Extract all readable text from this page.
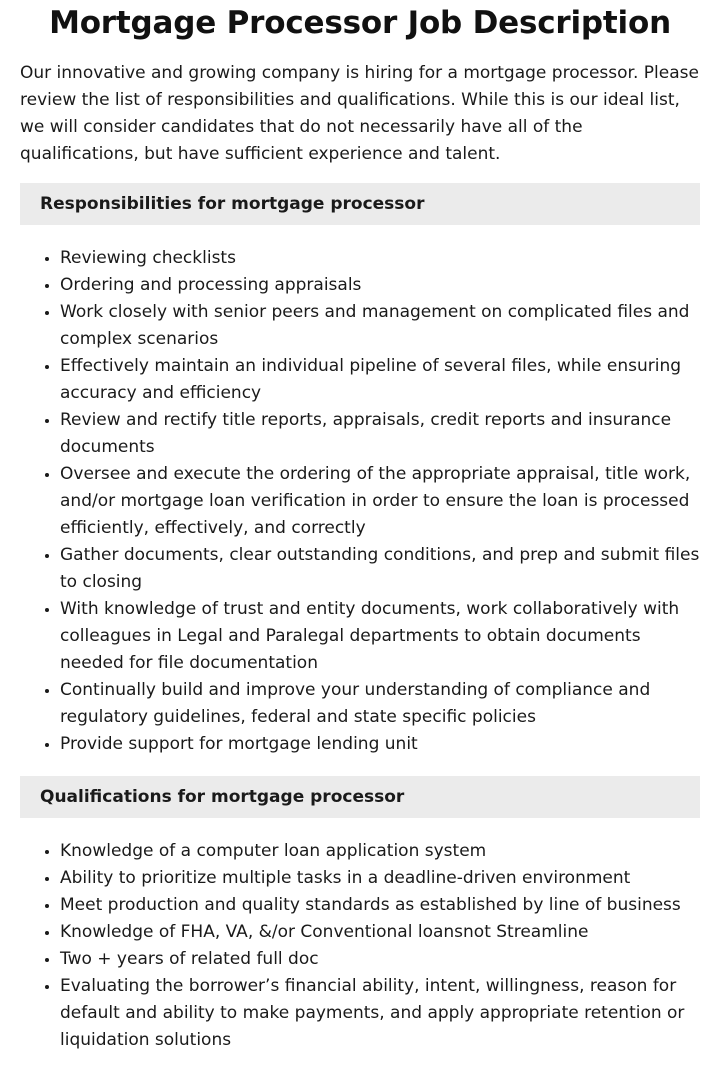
Mortgage Processor Job Description

Our innovative and growing company is hiring for a mortgage processor. Please review the list of responsibilities and qualifications. While this is our ideal list, we will consider candidates that do not necessarily have all of the qualifications, but have sufficient experience and talent.

Responsibilities for mortgage processor
• Reviewing checklists
• Ordering and processing appraisals
• Work closely with senior peers and management on complicated files and complex scenarios
• Effectively maintain an individual pipeline of several files, while ensuring accuracy and efficiency
• Review and rectify title reports, appraisals, credit reports and insurance documents
• Oversee and execute the ordering of the appropriate appraisal, title work, and/or mortgage loan verification in order to ensure the loan is processed efficiently, effectively, and correctly
• Gather documents, clear outstanding conditions, and prep and submit files to closing
• With knowledge of trust and entity documents, work collaboratively with colleagues in Legal and Paralegal departments to obtain documents needed for file documentation
• Continually build and improve your understanding of compliance and regulatory guidelines, federal and state specific policies
• Provide support for mortgage lending unit
Qualifications for mortgage processor
• Knowledge of a computer loan application system
• Ability to prioritize multiple tasks in a deadline-driven environment
• Meet production and quality standards as established by line of business
• Knowledge of FHA, VA, &/or Conventional loansnot Streamline
• Two + years of related full doc
• Evaluating the borrower’s financial ability, intent, willingness, reason for default and ability to make payments, and apply appropriate retention or liquidation solutions
